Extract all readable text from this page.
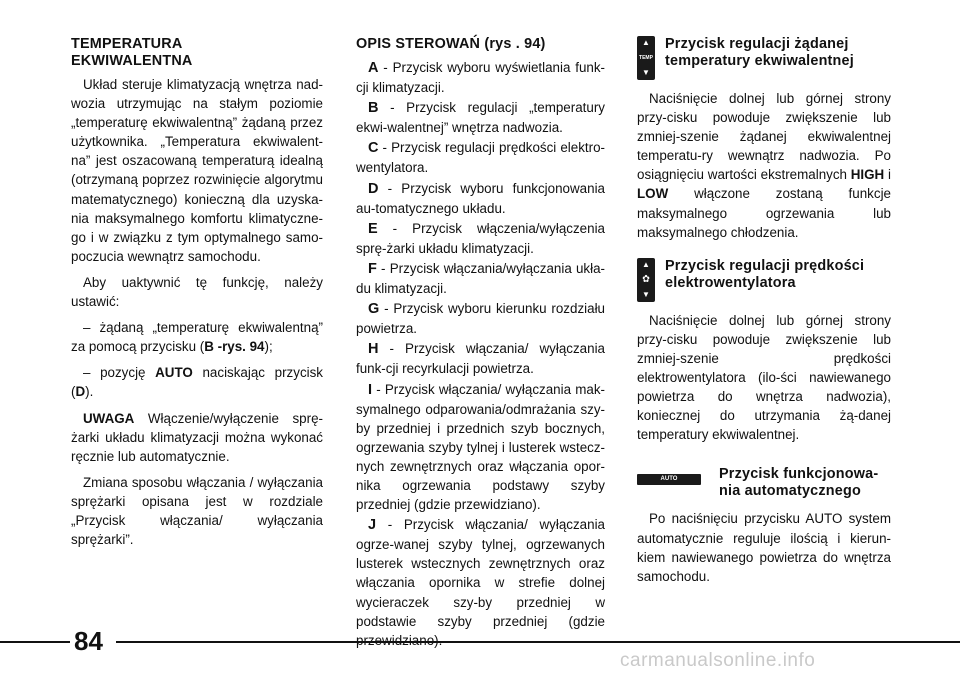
TEMPERATURA EKWIWALENTNA

Układ steruje klimatyzacją wnętrza nad-wozia utrzymując na stałym poziomie „temperaturę ekwiwalentną” żądaną przez użytkownika. „Temperatura ekwiwalent-na” jest oszacowaną temperaturą idealną (otrzymaną poprzez rozwinięcie algorytmu matematycznego) konieczną dla uzyska-nia maksymalnego komfortu klimatyczne-go i w związku z tym optymalnego samo-poczucia wewnątrz samochodu.

Aby uaktywnić tę funkcję, należy ustawić:

– żądaną „temperaturę ekwiwalentną” za pomocą przycisku (B -rys. 94);

– pozycję AUTO naciskając przycisk (D).

UWAGA Włączenie/wyłączenie sprę-żarki układu klimatyzacji można wykonać ręcznie lub automatycznie.

Zmiana sposobu włączania / wyłączania sprężarki opisana jest w rozdziale „Przycisk włączania/ wyłączania sprężarki”.

OPIS STEROWAŃ (rys . 94)

A - Przycisk wyboru wyświetlania funk-cji klimatyzacji.

B - Przycisk regulacji „temperatury ekwi-walentnej” wnętrza nadwozia.

C - Przycisk regulacji prędkości elektro-wentylatora.

D - Przycisk wyboru funkcjonowania au-tomatycznego układu.

E - Przycisk włączenia/wyłączenia sprę-żarki układu klimatyzacji.

F - Przycisk włączania/wyłączania ukła-du klimatyzacji.

G - Przycisk wyboru kierunku rozdziału powietrza.

H - Przycisk włączania/ wyłączania funk-cji recyrkulacji powietrza.

I - Przycisk włączania/ wyłączania mak-symalnego odparowania/odmrażania szy-by przedniej i przednich szyb bocznych, ogrzewania szyby tylnej i lusterek wstecz-nych zewnętrznych oraz włączania opor-nika ogrzewania podstawy szyby przedniej (gdzie przewidziano).

J - Przycisk włączania/ wyłączania ogrze-wanej szyby tylnej, ogrzewanych lusterek wstecznych zewnętrznych oraz włączania opornika w strefie dolnej wycieraczek szy-by przedniej w podstawie szyby przedniej (gdzie

▲
TEMP
▼
Przycisk regulacji żądanej temperatury ekwiwalentnej

Naciśnięcie dolnej lub górnej strony przy-cisku powoduje zwiększenie lub zmniej-szenie żądanej ekwiwalentnej temperatu-ry wewnątrz nadwozia. Po osiągnięciu wartości ekstremalnych HIGH i LOW włączone zostaną funkcje maksymalnego ogrzewania lub maksymalnego chłodzenia.

▲
✿
▼
Przycisk regulacji prędkości elektrowentylatora

Naciśnięcie dolnej lub górnej strony przy-cisku powoduje zwiększenie lub zmniej-szenie prędkości elektrowentylatora (ilo-ści nawiewanego powietrza do wnętrza nadwozia), koniecznej do utrzymania żą-danej temperatury ekwiwalentnej.

AUTO	Przycisk funkcjonowa-nia automatycznego

Po naciśnięciu przycisku AUTO system automatycznie reguluje ilością i kierun-kiem nawiewanego powietrza do wnętrza samochodu.

84
carmanualsonline.info
